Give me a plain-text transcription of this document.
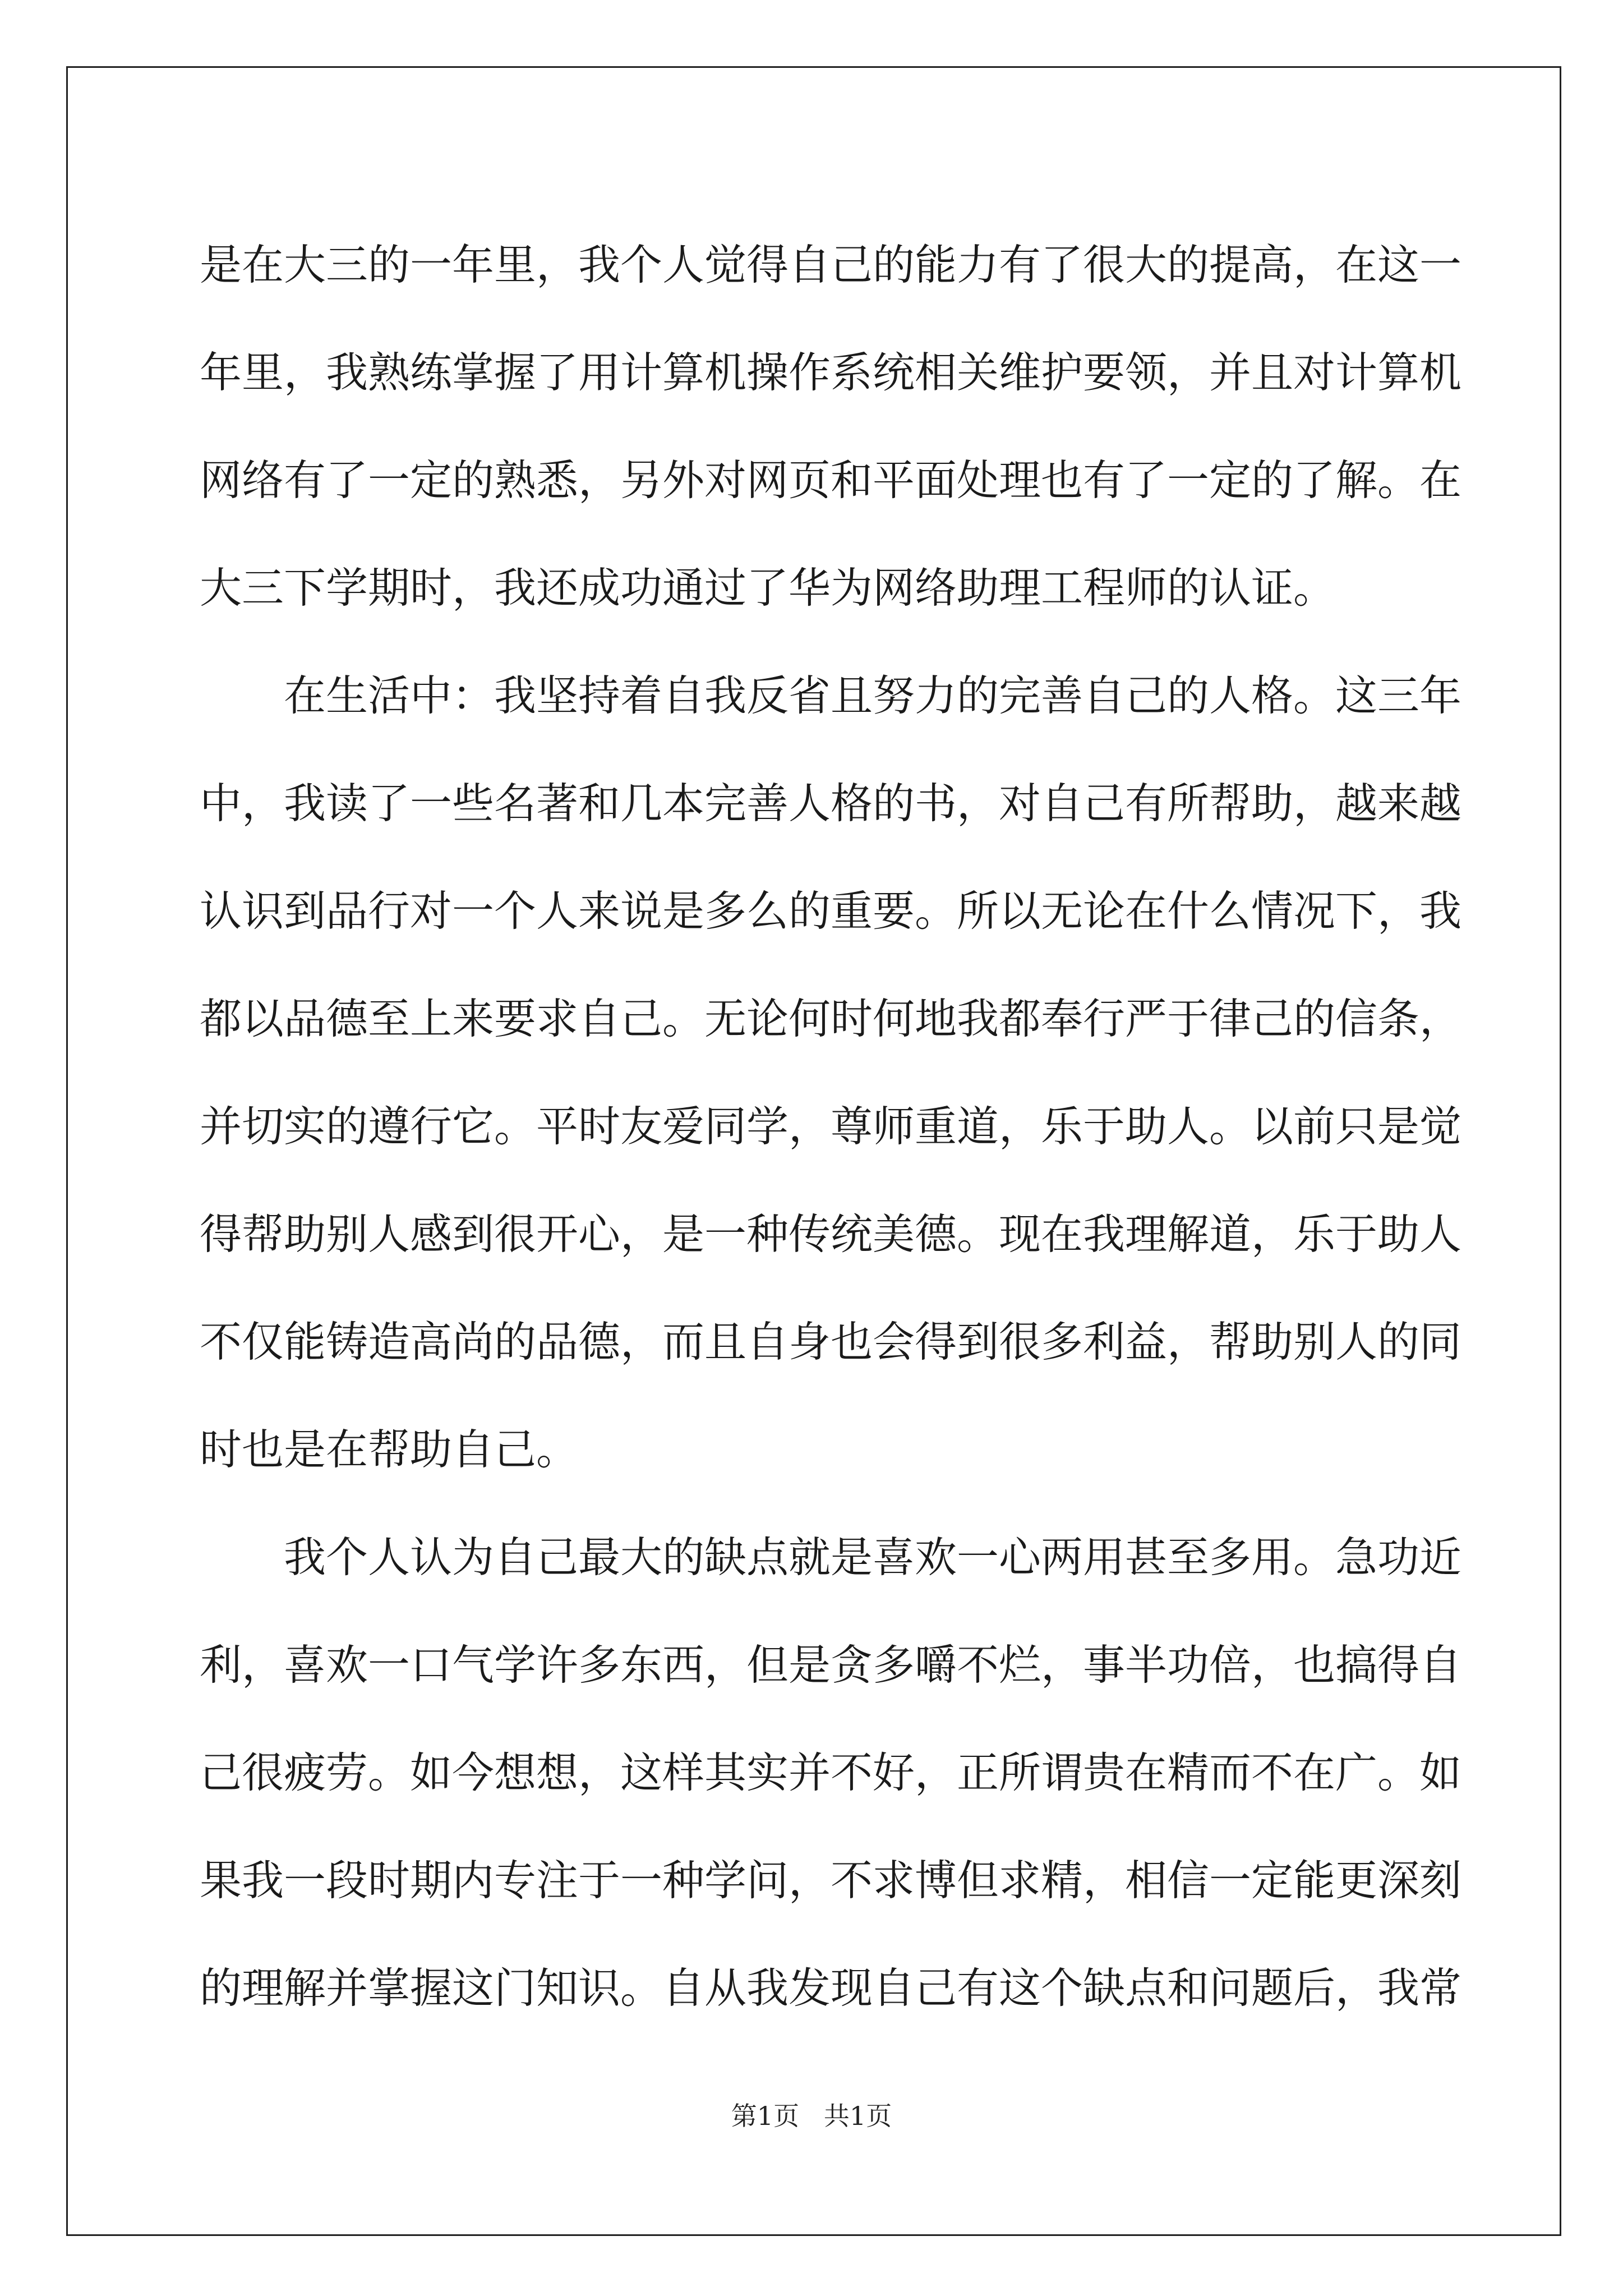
是在大三的一年里，我个人觉得自己的能力有了很大的提高，在这一
年里，我熟练掌握了用计算机操作系统相关维护要领，并且对计算机
网络有了一定的熟悉，另外对网页和平面处理也有了一定的了解。在
大三下学期时，我还成功通过了华为网络助理工程师的认证。
在生活中：我坚持着自我反省且努力的完善自己的人格。这三年
中，我读了一些名著和几本完善人格的书，对自己有所帮助，越来越
认识到品行对一个人来说是多么的重要。所以无论在什么情况下，我
都以品德至上来要求自己。无论何时何地我都奉行严于律己的信条，
并切实的遵行它。平时友爱同学，尊师重道，乐于助人。以前只是觉
得帮助别人感到很开心，是一种传统美德。现在我理解道，乐于助人
不仅能铸造高尚的品德，而且自身也会得到很多利益，帮助别人的同
时也是在帮助自己。
我个人认为自己最大的缺点就是喜欢一心两用甚至多用。急功近
利，喜欢一口气学许多东西，但是贪多嚼不烂，事半功倍，也搞得自
己很疲劳。如今想想，这样其实并不好，正所谓贵在精而不在广。如
果我一段时期内专注于一种学问，不求博但求精，相信一定能更深刻
的理解并掌握这门知识。自从我发现自己有这个缺点和问题后，我常
第1页   共1页
